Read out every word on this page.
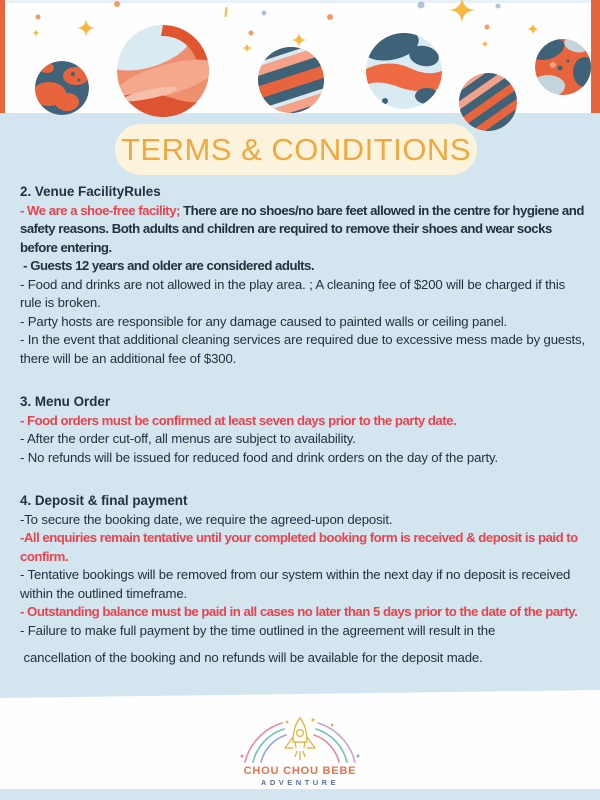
TERMS & CONDITIONS
2. Venue FacilityRules

- We are a shoe-free facility; There are no shoes/no bare feet allowed in the centre for hygiene and safety reasons. Both adults and children are required to remove their shoes and wear socks before entering.

- Guests 12 years and older are considered adults.

- Food and drinks are not allowed in the play area. ; A cleaning fee of $200 will be charged if this rule is broken.

- Party hosts are responsible for any damage caused to painted walls or ceiling panel.

- In the event that additional cleaning services are required due to excessive mess made by guests, there will be an additional fee of $300.

3. Menu Order

- Food orders must be confirmed at least seven days prior to the party date.

- After the order cut-off, all menus are subject to availability.

- No refunds will be issued for reduced food and drink orders on the day of the party.

4. Deposit & final payment

-To secure the booking date, we require the agreed-upon deposit.

-All enquiries remain tentative until your completed booking form is received & deposit is paid to confirm.

- Tentative bookings will be removed from our system within the next day if no deposit is received within the outlined timeframe.

- Outstanding balance must be paid in all cases no later than 5 days prior to the date of the party.

- Failure to make full payment by the time outlined in the agreement will result in the

cancellation of the booking and no refunds will be available for the deposit made.

CHOU CHOU BEBE
ADVENTURE
